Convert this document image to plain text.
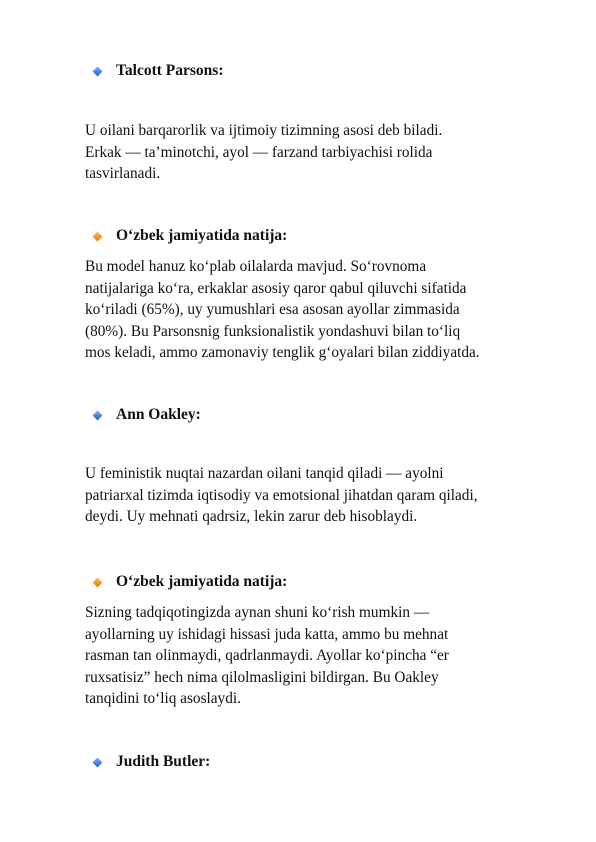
Talcott Parsons:
U oilani barqarorlik va ijtimoiy tizimning asosi deb biladi.
Erkak — ta’minotchi, ayol — farzand tarbiyachisi rolida
tasvirlanadi.
O‘zbek jamiyatida natija:
Bu model hanuz ko‘plab oilalarda mavjud. So‘rovnoma
natijalariga ko‘ra, erkaklar asosiy qaror qabul qiluvchi sifatida
ko‘riladi (65%), uy yumushlari esa asosan ayollar zimmasida
(80%). Bu Parsonsnig funksionalistik yondashuvi bilan to‘liq
mos keladi, ammo zamonaviy tenglik g‘oyalari bilan ziddiyatda.
Ann Oakley:
U feministik nuqtai nazardan oilani tanqid qiladi — ayolni
patriarxal tizimda iqtisodiy va emotsional jihatdan qaram qiladi,
deydi. Uy mehnati qadrsiz, lekin zarur deb hisoblaydi.
O‘zbek jamiyatida natija:
Sizning tadqiqotingizda aynan shuni ko‘rish mumkin —
ayollarning uy ishidagi hissasi juda katta, ammo bu mehnat
rasman tan olinmaydi, qadrlanmaydi. Ayollar ko‘pincha “er
ruxsatisiz” hech nima qilolmasligini bildirgan. Bu Oakley
tanqidini to‘liq asoslaydi.
Judith Butler:
